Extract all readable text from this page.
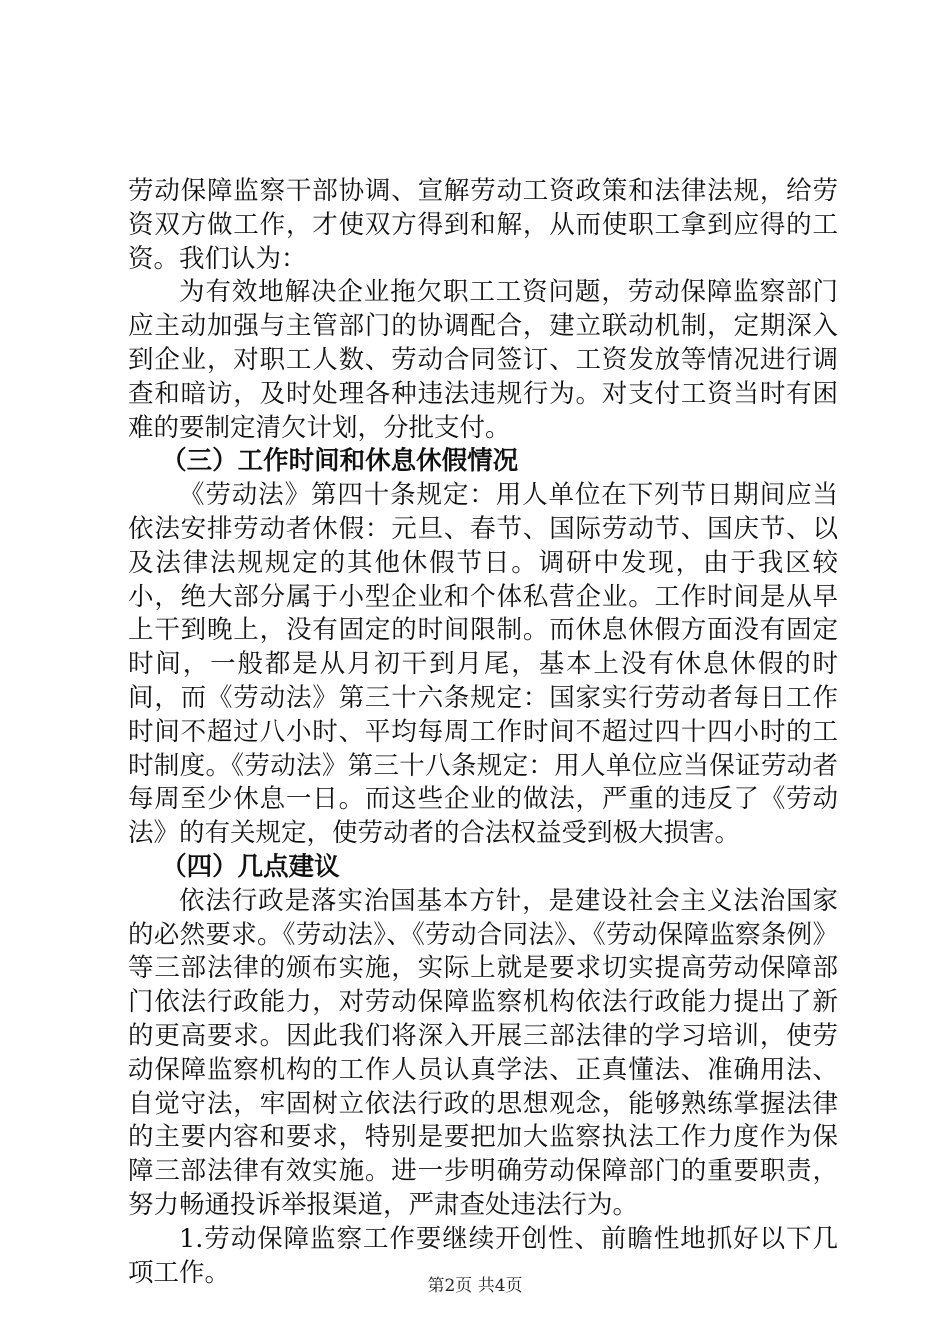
劳动保障监察干部协调、宣解劳动工资政策和法律法规，给劳资双方做工作，才使双方得到和解，从而使职工拿到应得的工资。我们认为：

为有效地解决企业拖欠职工工资问题，劳动保障监察部门应主动加强与主管部门的协调配合，建立联动机制，定期深入到企业，对职工人数、劳动合同签订、工资发放等情况进行调查和暗访，及时处理各种违法违规行为。对支付工资当时有困难的要制定清欠计划，分批支付。

（三）工作时间和休息休假情况

《劳动法》第四十条规定：用人单位在下列节日期间应当依法安排劳动者休假：元旦、春节、国际劳动节、国庆节、以及法律法规规定的其他休假节日。调研中发现，由于我区较小，绝大部分属于小型企业和个体私营企业。工作时间是从早上干到晚上，没有固定的时间限制。而休息休假方面没有固定时间，一般都是从月初干到月尾，基本上没有休息休假的时间，而《劳动法》第三十六条规定：国家实行劳动者每日工作时间不超过八小时、平均每周工作时间不超过四十四小时的工时制度。《劳动法》第三十八条规定：用人单位应当保证劳动者每周至少休息一日。而这些企业的做法，严重的违反了《劳动法》的有关规定，使劳动者的合法权益受到极大损害。

（四）几点建议

依法行政是落实治国基本方针，是建设社会主义法治国家的必然要求。《劳动法》、《劳动合同法》、《劳动保障监察条例》等三部法律的颁布实施，实际上就是要求切实提高劳动保障部门依法行政能力，对劳动保障监察机构依法行政能力提出了新的更高要求。因此我们将深入开展三部法律的学习培训，使劳动保障监察机构的工作人员认真学法、正真懂法、准确用法、自觉守法，牢固树立依法行政的思想观念，能够熟练掌握法律的主要内容和要求，特别是要把加大监察执法工作力度作为保障三部法律有效实施。进一步明确劳动保障部门的重要职责，努力畅通投诉举报渠道，严肃查处违法行为。

1.劳动保障监察工作要继续开创性、前瞻性地抓好以下几项工作。	第2页 共4页
